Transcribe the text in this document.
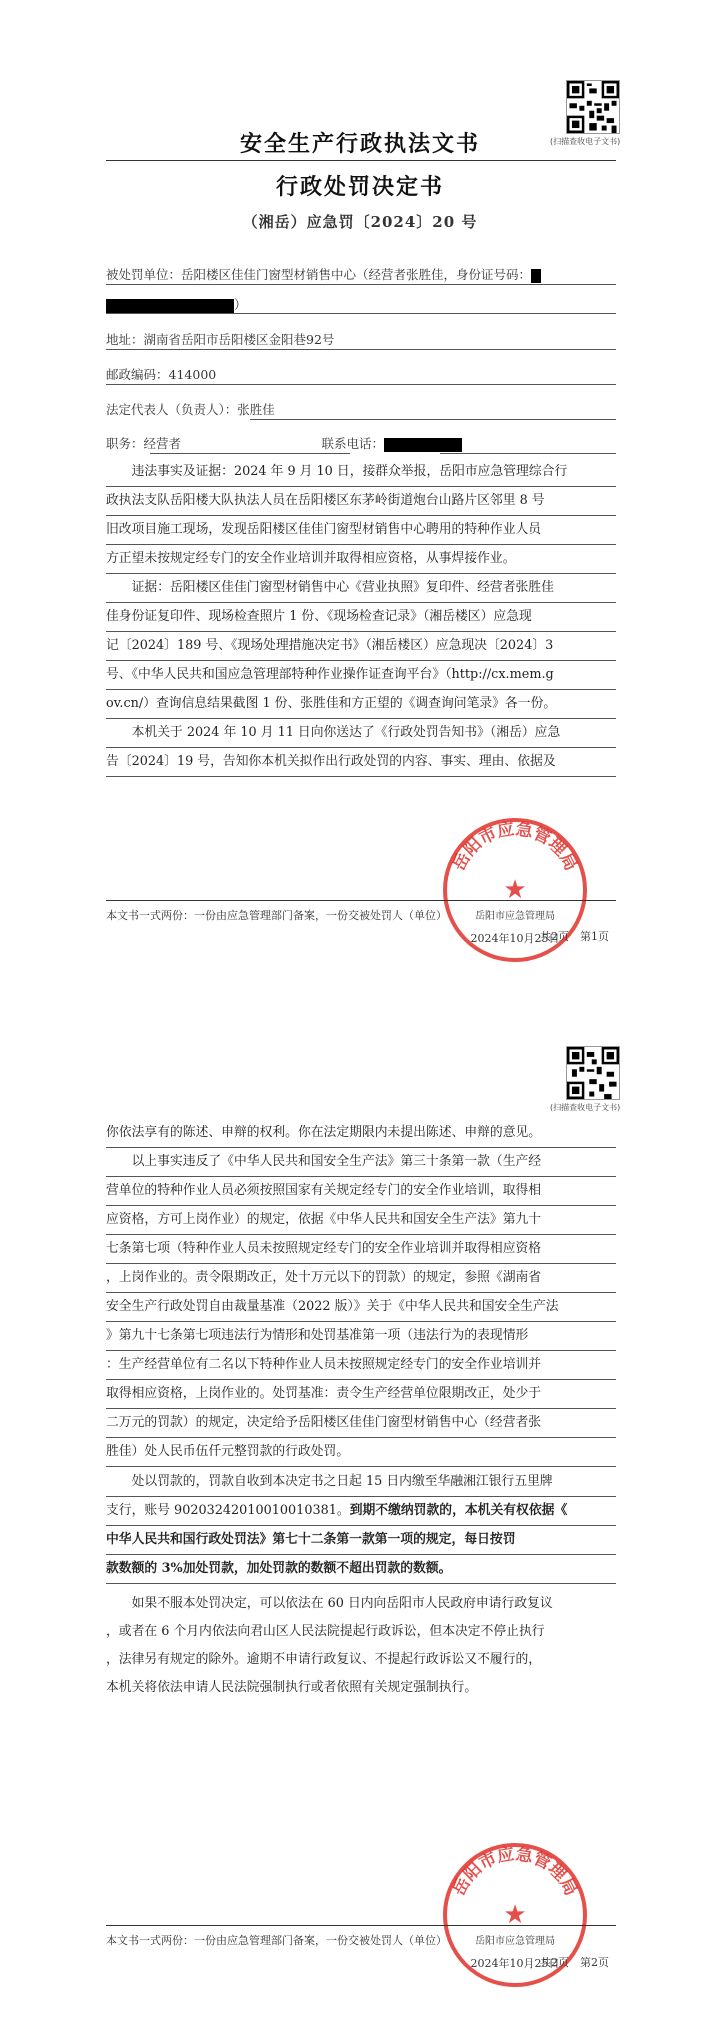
(扫描查收电子文书)
安全生产行政执法文书
行政处罚决定书
（湘岳）应急罚〔2024〕20 号
被处罚单位：岳阳楼区佳佳门窗型材销售中心（经营者张胜佳，身份证号码：
）
地址：湖南省岳阳市岳阳楼区金阳巷92号
邮政编码：414000
法定代表人（负责人）：张胜佳
职务：经营者	联系电话：
　　违法事实及证据：2024 年 9 月 10 日，接群众举报，岳阳市应急管理综合行
政执法支队岳阳楼大队执法人员在岳阳楼区东茅岭街道炮台山路片区邻里 8 号
旧改项目施工现场，发现岳阳楼区佳佳门窗型材销售中心聘用的特种作业人员
方正望未按规定经专门的安全作业培训并取得相应资格，从事焊接作业。
　　证据：岳阳楼区佳佳门窗型材销售中心《营业执照》复印件、经营者张胜佳
佳身份证复印件、现场检查照片 1 份、《现场检查记录》（湘岳楼区）应急现
记〔2024〕189 号、《现场处理措施决定书》（湘岳楼区）应急现决〔2024〕3
号、《中华人民共和国应急管理部特种作业操作证查询平台》（http://cx.mem.g
ov.cn/）查询信息结果截图 1 份、张胜佳和方正望的《调查询问笔录》各一份。
　　本机关于 2024 年 10 月 11 日向你送达了《行政处罚告知书》（湘岳）应急
告〔2024〕19 号，告知你本机关拟作出行政处罚的内容、事实、理由、依据及
岳阳市应急管理局
★
岳阳市应急管理局
2024年10月25日
本文书一式两份：一份由应急管理部门备案，一份交被处罚人（单位）
共2页　第1页
(扫描查收电子文书)
你依法享有的陈述、申辩的权利。你在法定期限内未提出陈述、申辩的意见。
　　以上事实违反了《中华人民共和国安全生产法》第三十条第一款（生产经
营单位的特种作业人员必须按照国家有关规定经专门的安全作业培训，取得相
应资格，方可上岗作业）的规定，依据《中华人民共和国安全生产法》第九十
七条第七项（特种作业人员未按照规定经专门的安全作业培训并取得相应资格
，上岗作业的。责令限期改正，处十万元以下的罚款）的规定，参照《湖南省
安全生产行政处罚自由裁量基准（2022 版）》关于《中华人民共和国安全生产法
》第九十七条第七项违法行为情形和处罚基准第一项（违法行为的表现情形
：生产经营单位有二名以下特种作业人员未按照规定经专门的安全作业培训并
取得相应资格，上岗作业的。处罚基准：责令生产经营单位限期改正，处少于
二万元的罚款）的规定，决定给予岳阳楼区佳佳门窗型材销售中心（经营者张
胜佳）处人民币伍仟元整罚款的行政处罚。
　　处以罚款的，罚款自收到本决定书之日起 15 日内缴至华融湘江银行五里牌
支行，账号 90203242010010010381。到期不缴纳罚款的，本机关有权依据《
中华人民共和国行政处罚法》第七十二条第一款第一项的规定，每日按罚
款数额的 3%加处罚款，加处罚款的数额不超出罚款的数额。
　　如果不服本处罚决定，可以依法在 60 日内向岳阳市人民政府申请行政复议
，或者在 6 个月内依法向君山区人民法院提起行政诉讼，但本决定不停止执行
，法律另有规定的除外。逾期不申请行政复议、不提起行政诉讼又不履行的，
本机关将依法申请人民法院强制执行或者依照有关规定强制执行。
岳阳市应急管理局
★
岳阳市应急管理局
2024年10月25日
本文书一式两份：一份由应急管理部门备案，一份交被处罚人（单位）
共2页　第2页
